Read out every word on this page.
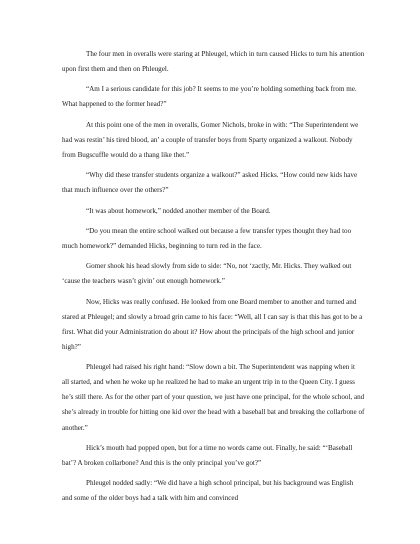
The four men in overalls were staring at Phleugel, which in turn caused Hicks to turn his attention
upon first them and then on Phleugel.

“Am I a serious candidate for this job? It seems to me you’re holding something back from me.
What happened to the former head?”

At this point one of the men in overalls, Gomer Nichols, broke in with: “The Superintendent we
had was restin’ his tired blood, an’ a couple of transfer boys from Sparty organized a walkout. Nobody
from Bugscuffle would do a thang like thet.”

“Why did these transfer students organize a walkout?” asked Hicks. “How could new kids have
that much influence over the others?”

“It was about homework,” nodded another member of the Board.

“Do you mean the entire school walked out because a few transfer types thought they had too
much homework?” demanded Hicks, beginning to turn red in the face.

Gomer shook his head slowly from side to side: “No, not ‘zactly, Mr. Hicks. They walked out
‘cause the teachers wasn’t givin’ out enough homework.”

Now, Hicks was really confused. He looked from one Board member to another and turned and
stared at Phleugel; and slowly a broad grin came to his face: “Well, all I can say is that this has got to be a
first. What did your Administration do about it? How about the principals of the high school and junior
high?”

Phleugel had raised his right hand: “Slow down a bit. The Superintendent was napping when it
all started, and when he woke up he realized he had to make an urgent trip in to the Queen City. I guess
he’s still there. As for the other part of your question, we just have one principal, for the whole school, and
she’s already in trouble for hitting one kid over the head with a baseball bat and breaking the collarbone of
another.”

Hick’s mouth had popped open, but for a time no words came out. Finally, he said: “‘Baseball
bat’? A broken collarbone? And this is the only principal you’ve got?”

Phleugel nodded sadly: “We did have a high school principal, but his background was English
and some of the older boys had a talk with him and convinced
